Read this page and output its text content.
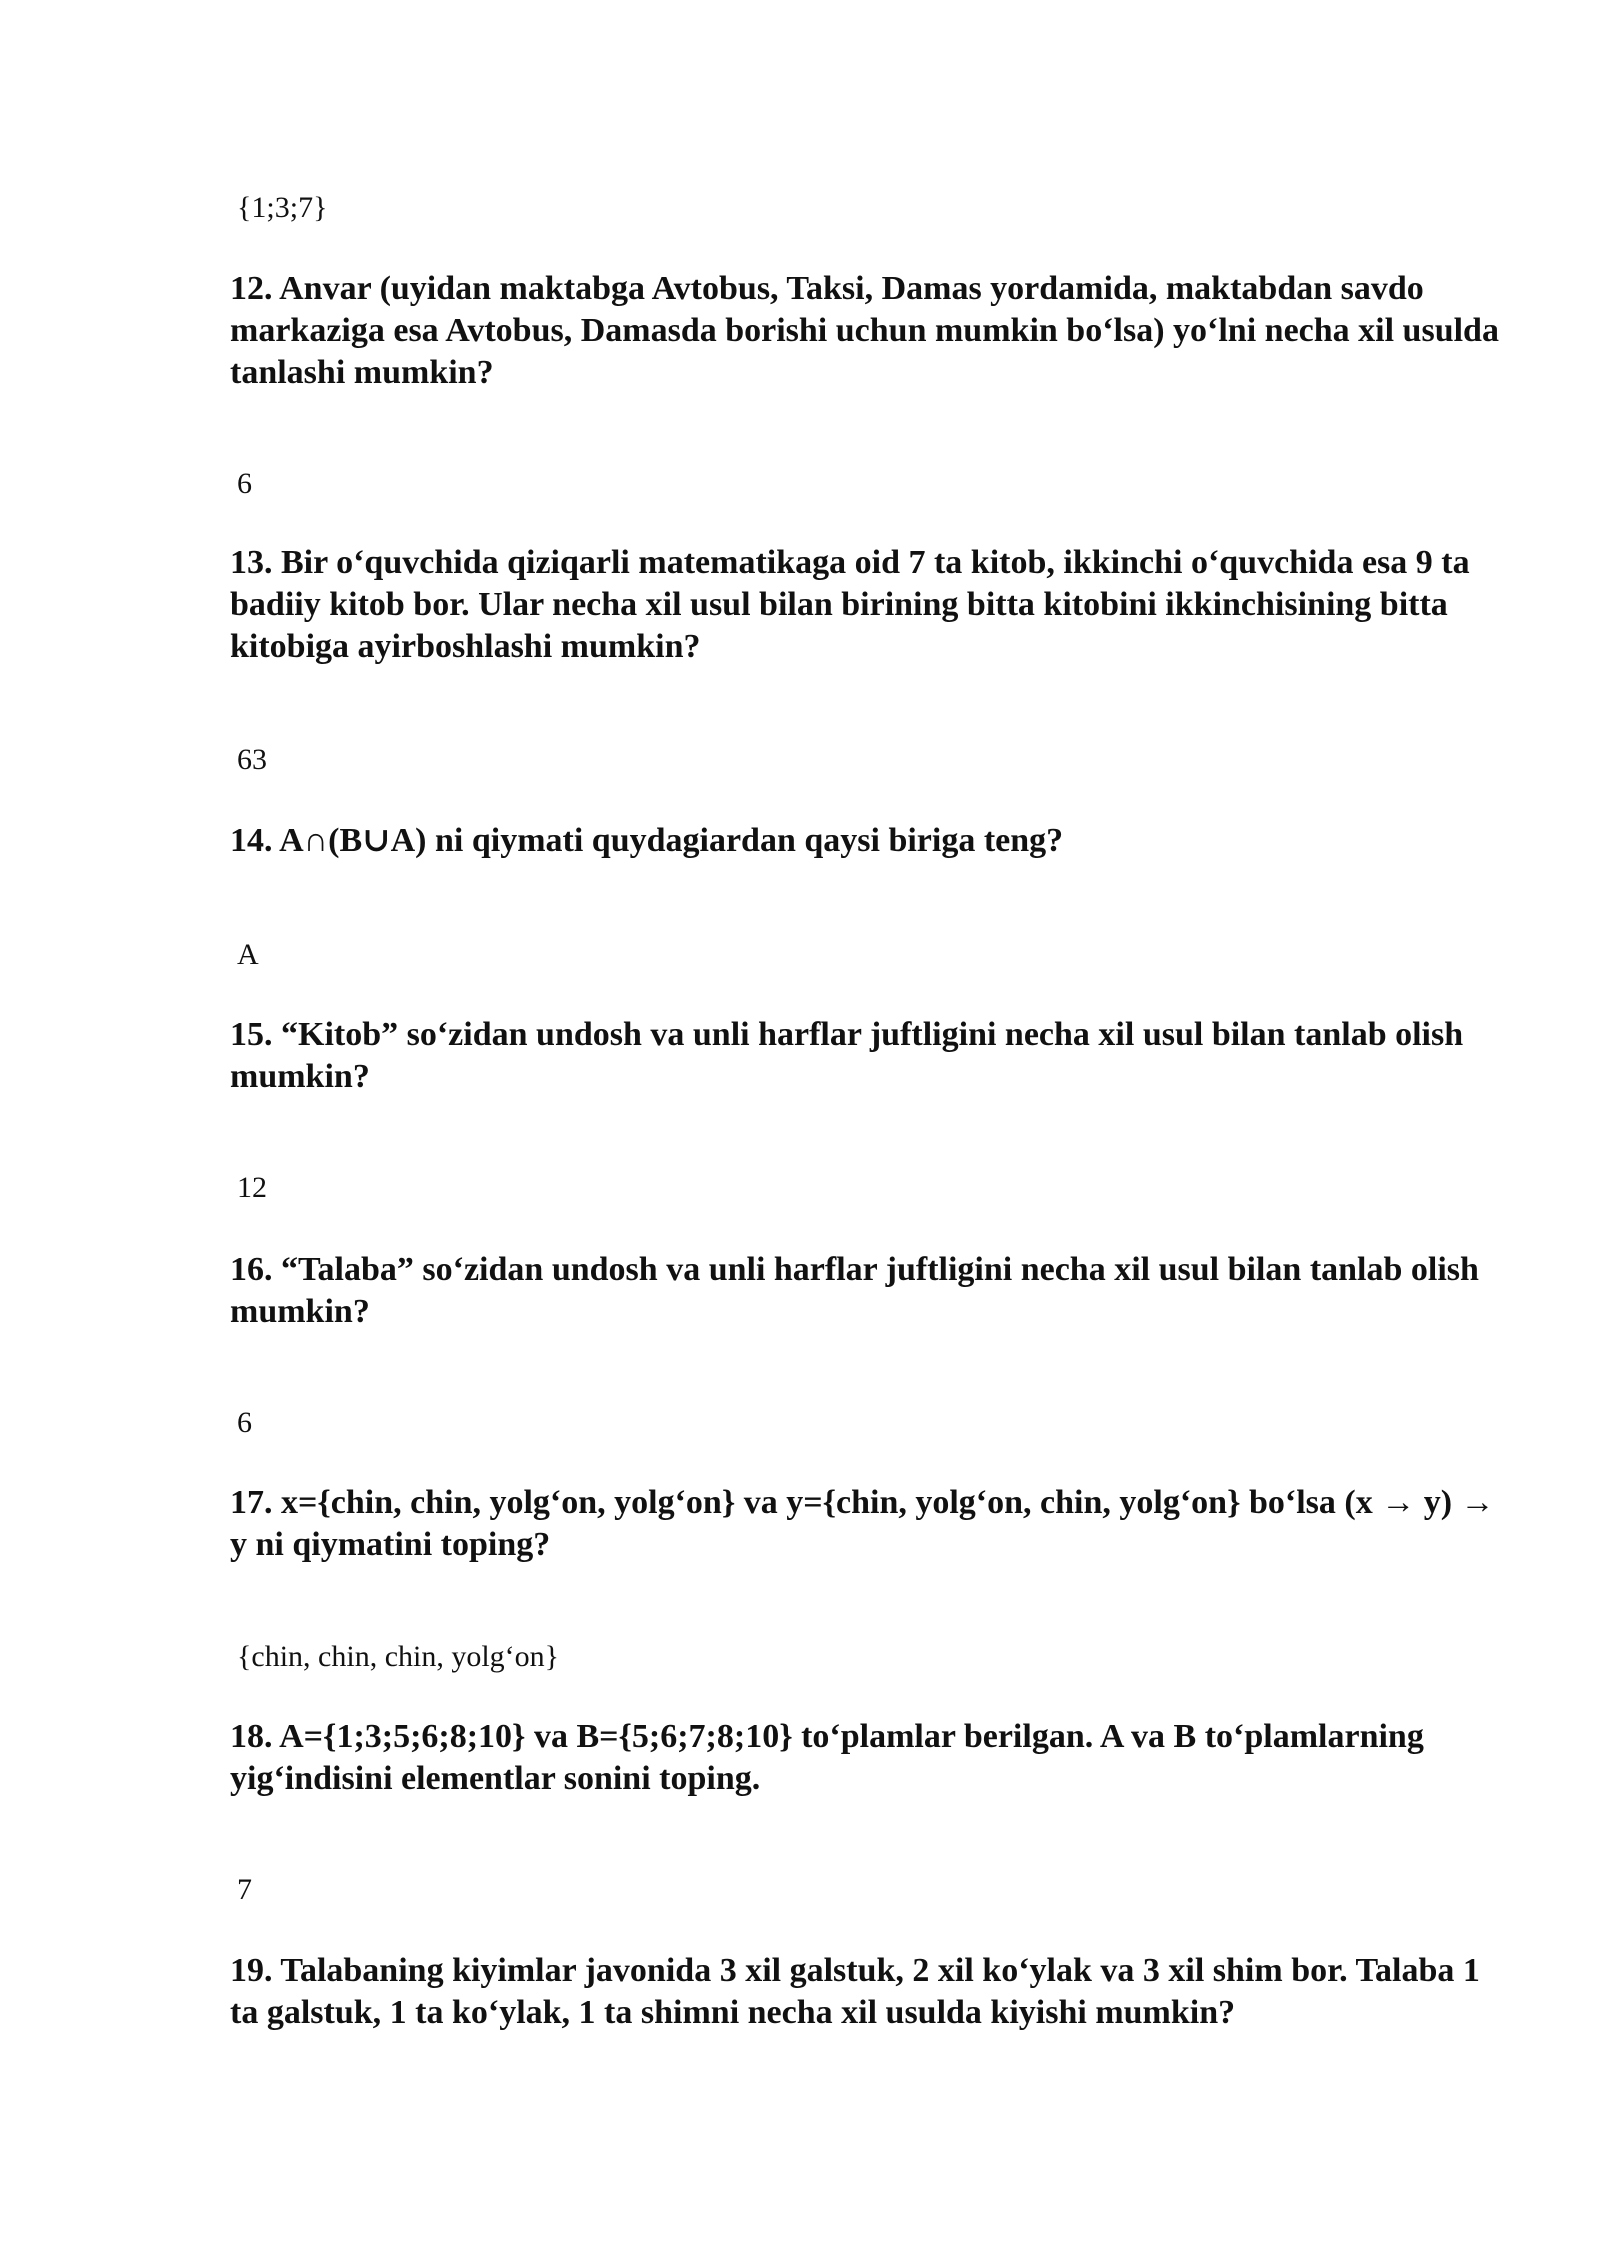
{1;3;7}

12. Anvar (uyidan maktabga Avtobus, Taksi, Damas yordamida, maktabdan savdo markaziga esa Avtobus, Damasda borishi uchun mumkin bo‘lsa) yo‘lni necha xil usulda tanlashi mumkin?

6

13. Bir o‘quvchida qiziqarli matematikaga oid 7 ta kitob, ikkinchi o‘quvchida esa 9 ta badiiy kitob bor. Ular necha xil usul bilan birining bitta kitobini ikkinchisining bitta kitobiga ayirboshlashi mumkin?

63

14. A∩(B∪A) ni qiymati quydagiardan qaysi biriga teng?

A

15. “Kitob” so‘zidan undosh va unli harflar juftligini necha xil usul bilan tanlab olish mumkin?

12

16. “Talaba” so‘zidan undosh va unli harflar juftligini necha xil usul bilan tanlab olish mumkin?

6

17. x={chin, chin, yolg‘on, yolg‘on} va y={chin, yolg‘on, chin, yolg‘on} bo‘lsa (x → y) → y ni qiymatini toping?

{chin, chin, chin, yolg‘on}

18. A={1;3;5;6;8;10} va B={5;6;7;8;10} to‘plamlar berilgan. A va B to‘plamlarning yig‘indisini elementlar sonini toping.

7

19. Talabaning kiyimlar javonida 3 xil galstuk, 2 xil ko‘ylak va 3 xil shim bor. Talaba 1 ta galstuk, 1 ta ko‘ylak, 1 ta shimni necha xil usulda kiyishi mumkin?
